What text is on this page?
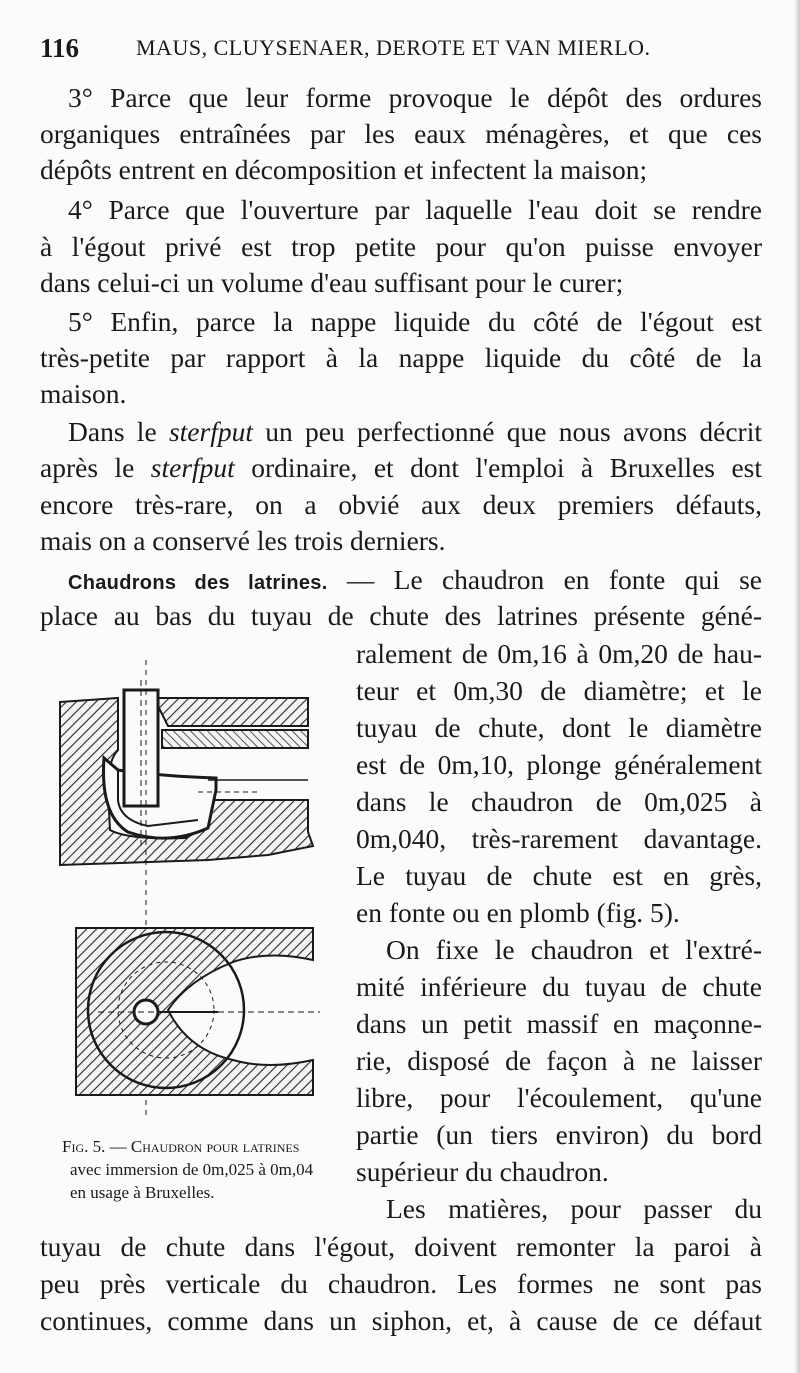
116	MAUS, CLUYSENAER, DEROTE ET VAN MIERLO.
3° Parce que leur forme provoque le dépôt des ordures
organiques entraînées par les eaux ménagères, et que ces
dépôts entrent en décomposition et infectent la maison;
4° Parce que l'ouverture par laquelle l'eau doit se rendre
à l'égout privé est trop petite pour qu'on puisse envoyer
dans celui-ci un volume d'eau suffisant pour le curer;
5° Enfin, parce la nappe liquide du côté de l'égout est
très-petite par rapport à la nappe liquide du côté de la
maison.
Dans le sterfput un peu perfectionné que nous avons décrit
après le sterfput ordinaire, et dont l'emploi à Bruxelles est
encore très-rare, on a obvié aux deux premiers défauts,
mais on a conservé les trois derniers.
Chaudrons des latrines. — Le chaudron en fonte qui se
place au bas du tuyau de chute des latrines présente géné-
ralement de 0m,16 à 0m,20 de hau-
teur et 0m,30 de diamètre; et le
tuyau de chute, dont le diamètre
est de 0m,10, plonge généralement
dans le chaudron de 0m,025 à
0m,040, très-rarement davantage.
Le tuyau de chute est en grès,
en fonte ou en plomb (fig. 5).
On fixe le chaudron et l'extré-
mité inférieure du tuyau de chute
dans un petit massif en maçonne-
rie, disposé de façon à ne laisser
libre, pour l'écoulement, qu'une
partie (un tiers environ) du bord
supérieur du chaudron.
Les matières, pour passer du
tuyau de chute dans l'égout, doivent remonter la paroi à
peu près verticale du chaudron. Les formes ne sont pas
continues, comme dans un siphon, et, à cause de ce défaut
Fig. 5. — Chaudron pour latrines
avec immersion de 0m,025 à 0m,04
en usage à Bruxelles.
